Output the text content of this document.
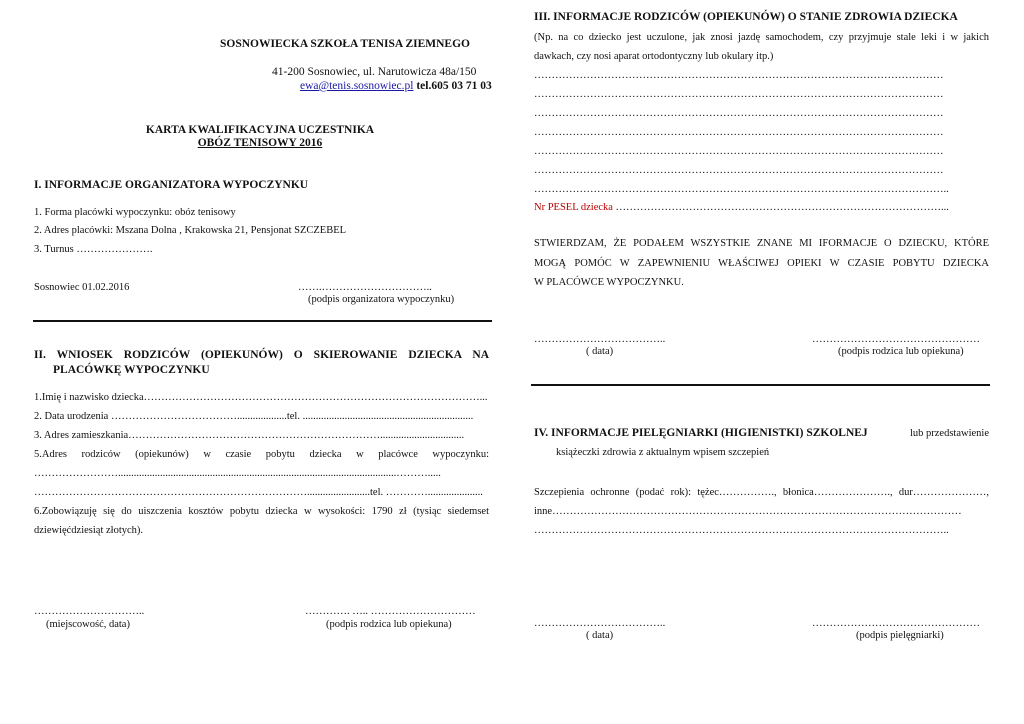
SOSNOWIECKA SZKOŁA TENISA ZIEMNEGO
41-200 Sosnowiec, ul. Narutowicza 48a/150
ewa@tenis.sosnowiec.pl tel.605 03 71 03
KARTA KWALIFIKACYJNA UCZESTNIKA
OBÓZ TENISOWY 2016
I. INFORMACJE ORGANIZATORA WYPOCZYNKU
1. Forma placówki wypoczynku: obóz tenisowy
2. Adres placówki: Mszana Dolna , Krakowska 21, Pensjonat SZCZEBEL
3. Turnus ………………….
Sosnowiec 01.02.2016	…….…………………………..
(podpis organizatora wypoczynku)
II. WNIOSEK RODZICÓW (OPIEKUNÓW) O SKIEROWANIE DZIECKA NA
PLACÓWKĘ WYPOCZYNKU
1.Imię i nazwisko dziecka……………………………………………………………………………………...
2. Data urodzenia ………………………………...................tel. .................................................................
3. Adres zamieszkania………………………………………………………………................................
5.Adres rodziców (opiekunów) w czasie pobytu dziecka w placówce wypoczynku:
……………………..........................................................................................................……….....
……………………………………………………………………........................tel. ………….....................
6.Zobowiązuję się do uiszczenia kosztów pobytu dziecka w wysokości: 1790 zł (tysiąc siedemset
dziewięćdziesiąt złotych).
…………………………..	…………. ….. …………………………
(miejscowość, data)	(podpis rodzica lub opiekuna)
III. INFORMACJE RODZICÓW (OPIEKUNÓW) O STANIE ZDROWIA DZIECKA
(Np. na co dziecko jest uczulone, jak znosi jazdę samochodem, czy przyjmuje stale leki i w jakich
dawkach, czy nosi aparat ortodontyczny lub okulary itp.)
………………………………………………………………………………………………………
………………………………………………………………………………………………………
………………………………………………………………………………………………………
………………………………………………………………………………………………………
………………………………………………………………………………………………………
………………………………………………………………………………………………………
………………………………………………………………………………………………………..
Nr PESEL dziecka …………………………………………………………………………………...
STWIERDZAM, ŻE PODAŁEM WSZYSTKIE ZNANE MI IFORMACJE O DZIECKU, KTÓRE
MOGĄ POMÓC W ZAPEWNIENIU WŁAŚCIWEJ OPIEKI W CZASIE POBYTU DZIECKA
W PLACÓWCE WYPOCZYNKU.
………………………………..	…………………………………………
( data)	(podpis rodzica lub opiekuna)
IV. INFORMACJE PIELĘGNIARKI (HIGIENISTKI) SZKOLNEJ	lub przedstawienie
książeczki zdrowia z aktualnym wpisem szczepień
Szczepienia ochronne (podać rok): tężec……………., błonica…………………., dur…………………,
inne………………………………………………………………………………………………………
………………………………………………………………………………………………………..
………………………………..	…………………………………………
( data)	(podpis pielęgniarki)
